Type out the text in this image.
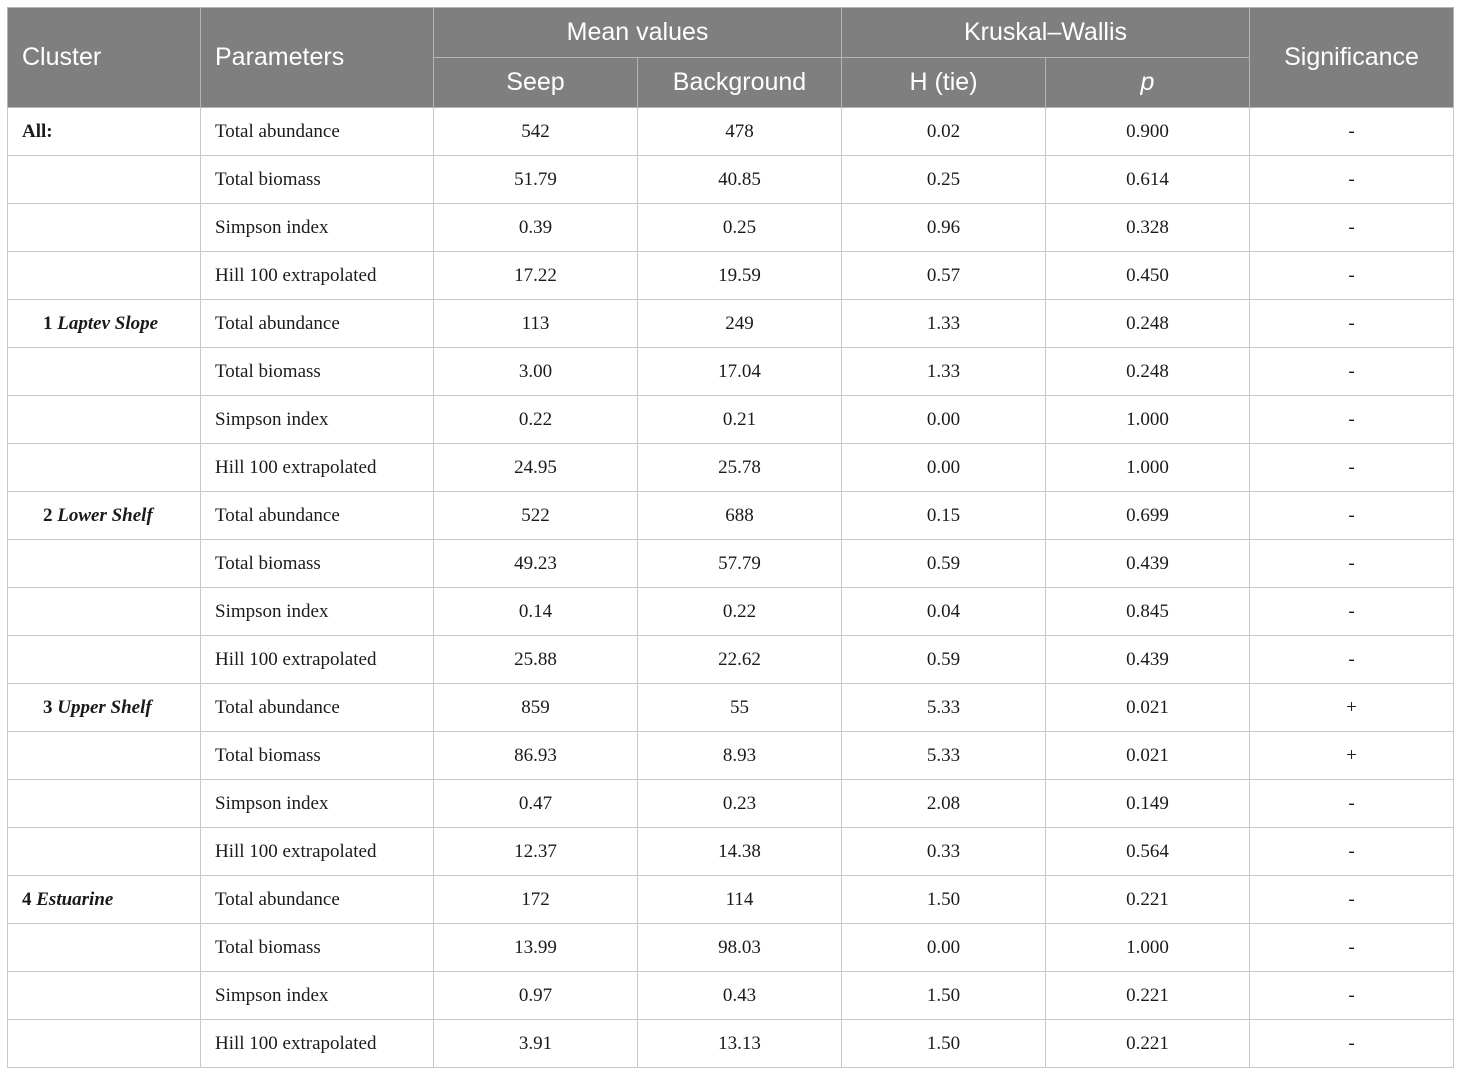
Cluster	Parameters	Mean values		Kruskal–Wallis		Significance
		Seep	Background	H (tie)	p	
All:	Total abundance	542	478	0.02	0.900	-
	Total biomass	51.79	40.85	0.25	0.614	-
	Simpson index	0.39	0.25	0.96	0.328	-
	Hill 100 extrapolated	17.22	19.59	0.57	0.450	-
1 Laptev Slope	Total abundance	113	249	1.33	0.248	-
	Total biomass	3.00	17.04	1.33	0.248	-
	Simpson index	0.22	0.21	0.00	1.000	-
	Hill 100 extrapolated	24.95	25.78	0.00	1.000	-
2 Lower Shelf	Total abundance	522	688	0.15	0.699	-
	Total biomass	49.23	57.79	0.59	0.439	-
	Simpson index	0.14	0.22	0.04	0.845	-
	Hill 100 extrapolated	25.88	22.62	0.59	0.439	-
3 Upper Shelf	Total abundance	859	55	5.33	0.021	+
	Total biomass	86.93	8.93	5.33	0.021	+
	Simpson index	0.47	0.23	2.08	0.149	-
	Hill 100 extrapolated	12.37	14.38	0.33	0.564	-
4 Estuarine	Total abundance	172	114	1.50	0.221	-
	Total biomass	13.99	98.03	0.00	1.000	-
	Simpson index	0.97	0.43	1.50	0.221	-
	Hill 100 extrapolated	3.91	13.13	1.50	0.221	-
